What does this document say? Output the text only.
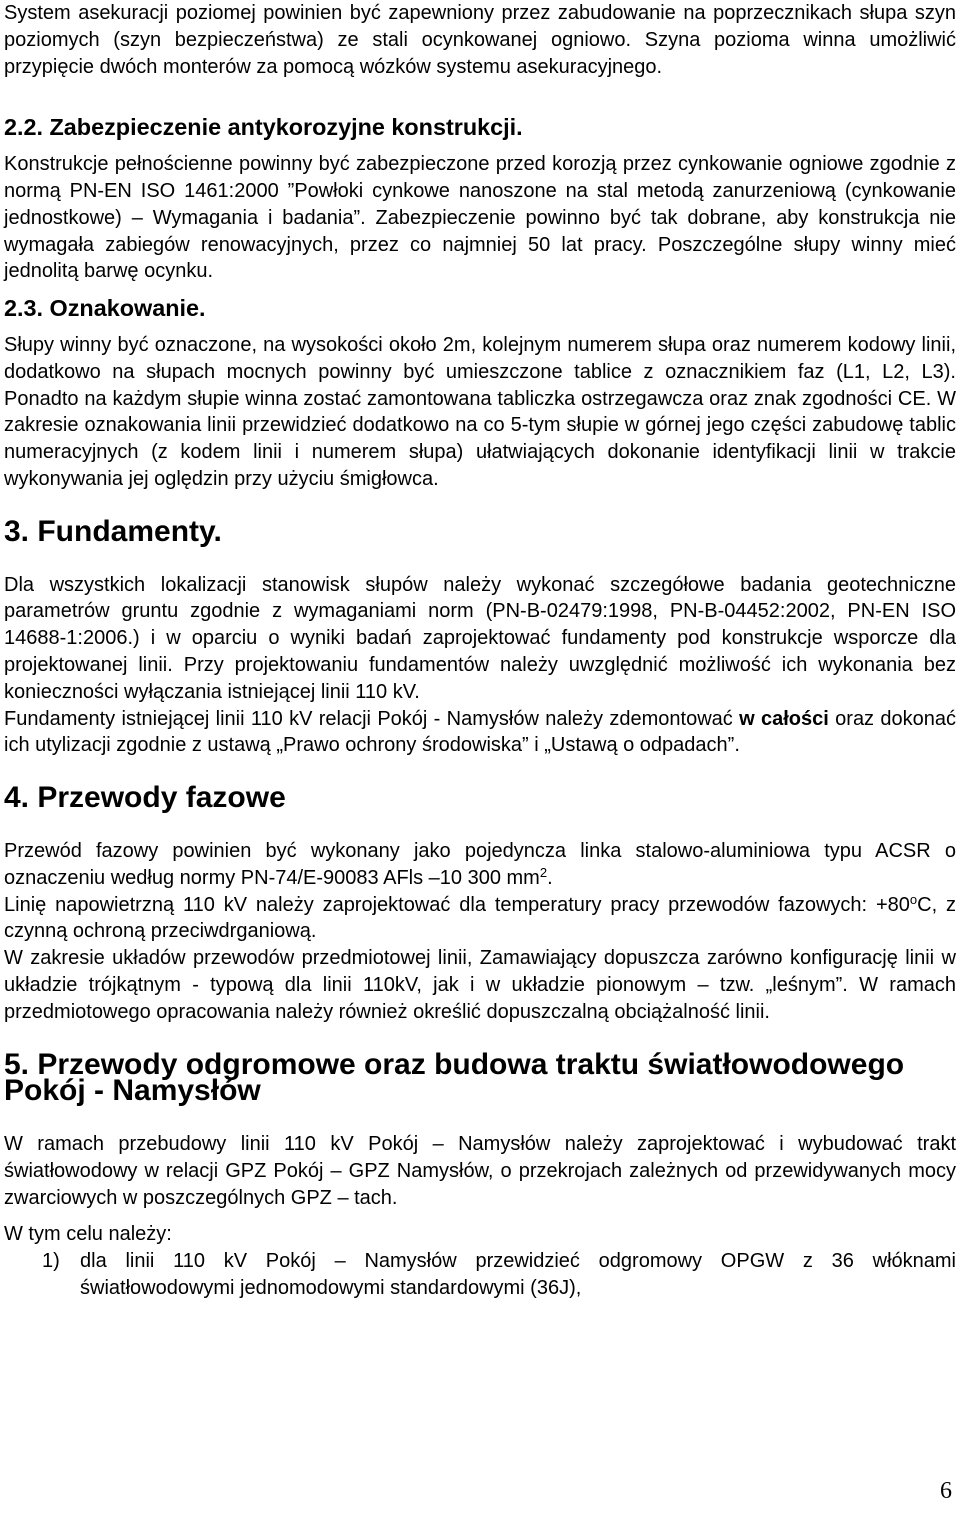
System asekuracji poziomej powinien być zapewniony przez zabudowanie na poprzecznikach słupa szyn poziomych (szyn bezpieczeństwa) ze stali ocynkowanej ogniowo. Szyna pozioma winna umożliwić przypięcie dwóch monterów za pomocą wózków systemu asekuracyjnego.

2.2. Zabezpieczenie antykorozyjne konstrukcji.

Konstrukcje pełnościenne powinny być zabezpieczone przed korozją przez cynkowanie ogniowe zgodnie z normą PN-EN ISO 1461:2000 ”Powłoki cynkowe nanoszone na stal metodą zanurzeniową (cynkowanie jednostkowe) – Wymagania i badania”. Zabezpieczenie powinno być tak dobrane, aby konstrukcja nie wymagała zabiegów renowacyjnych, przez co najmniej 50 lat pracy. Poszczególne słupy winny mieć jednolitą barwę ocynku.

2.3. Oznakowanie.

Słupy winny być oznaczone, na wysokości około 2m, kolejnym numerem słupa oraz numerem kodowy linii, dodatkowo na słupach mocnych powinny być umieszczone tablice z oznacznikiem faz (L1, L2, L3). Ponadto na każdym słupie winna zostać zamontowana tabliczka ostrzegawcza oraz znak zgodności CE. W zakresie oznakowania linii przewidzieć dodatkowo na co 5-tym słupie w górnej jego części zabudowę tablic numeracyjnych (z kodem linii i numerem słupa) ułatwiających dokonanie identyfikacji linii w trakcie wykonywania jej oględzin przy użyciu śmigłowca.

3. Fundamenty.

Dla wszystkich lokalizacji stanowisk słupów należy wykonać szczegółowe badania geotechniczne parametrów gruntu zgodnie z wymaganiami norm (PN-B-02479:1998, PN-B-04452:2002, PN-EN ISO 14688-1:2006.) i w oparciu o wyniki badań zaprojektować fundamenty pod konstrukcje wsporcze dla projektowanej linii. Przy projektowaniu fundamentów należy uwzględnić możliwość ich wykonania bez konieczności wyłączania istniejącej linii 110 kV.

Fundamenty istniejącej linii 110 kV relacji Pokój - Namysłów należy zdemontować w całości oraz dokonać ich utylizacji zgodnie z ustawą „Prawo ochrony środowiska” i „Ustawą o odpadach”.

4. Przewody fazowe

Przewód fazowy powinien być wykonany jako pojedyncza linka stalowo-aluminiowa typu ACSR o oznaczeniu według normy PN-74/E-90083 AFls –10 300 $mm^2$.

Linię napowietrzną 110 kV należy zaprojektować dla temperatury pracy przewodów fazowych: $+80^oC$, z czynną ochroną przeciwdrganiową.

W zakresie układów przewodów przedmiotowej linii, Zamawiający dopuszcza zarówno konfigurację linii w układzie trójkątnym - typową dla linii 110kV, jak i w układzie pionowym – tzw. „leśnym”. W ramach przedmiotowego opracowania należy również określić dopuszczalną obciążalność linii.

5. Przewody odgromowe oraz budowa traktu światłowodowego Pokój - Namysłów

W ramach przebudowy linii 110 kV Pokój – Namysłów należy zaprojektować i wybudować trakt światłowodowy w relacji GPZ Pokój – GPZ Namysłów, o przekrojach zależnych od przewidywanych mocy zwarciowych w poszczególnych GPZ – tach.

W tym celu należy:

1) dla linii 110 kV Pokój – Namysłów przewidzieć odgromowy OPGW z 36 włóknami światłowodowymi jednomodowymi standardowymi (36J),
6
